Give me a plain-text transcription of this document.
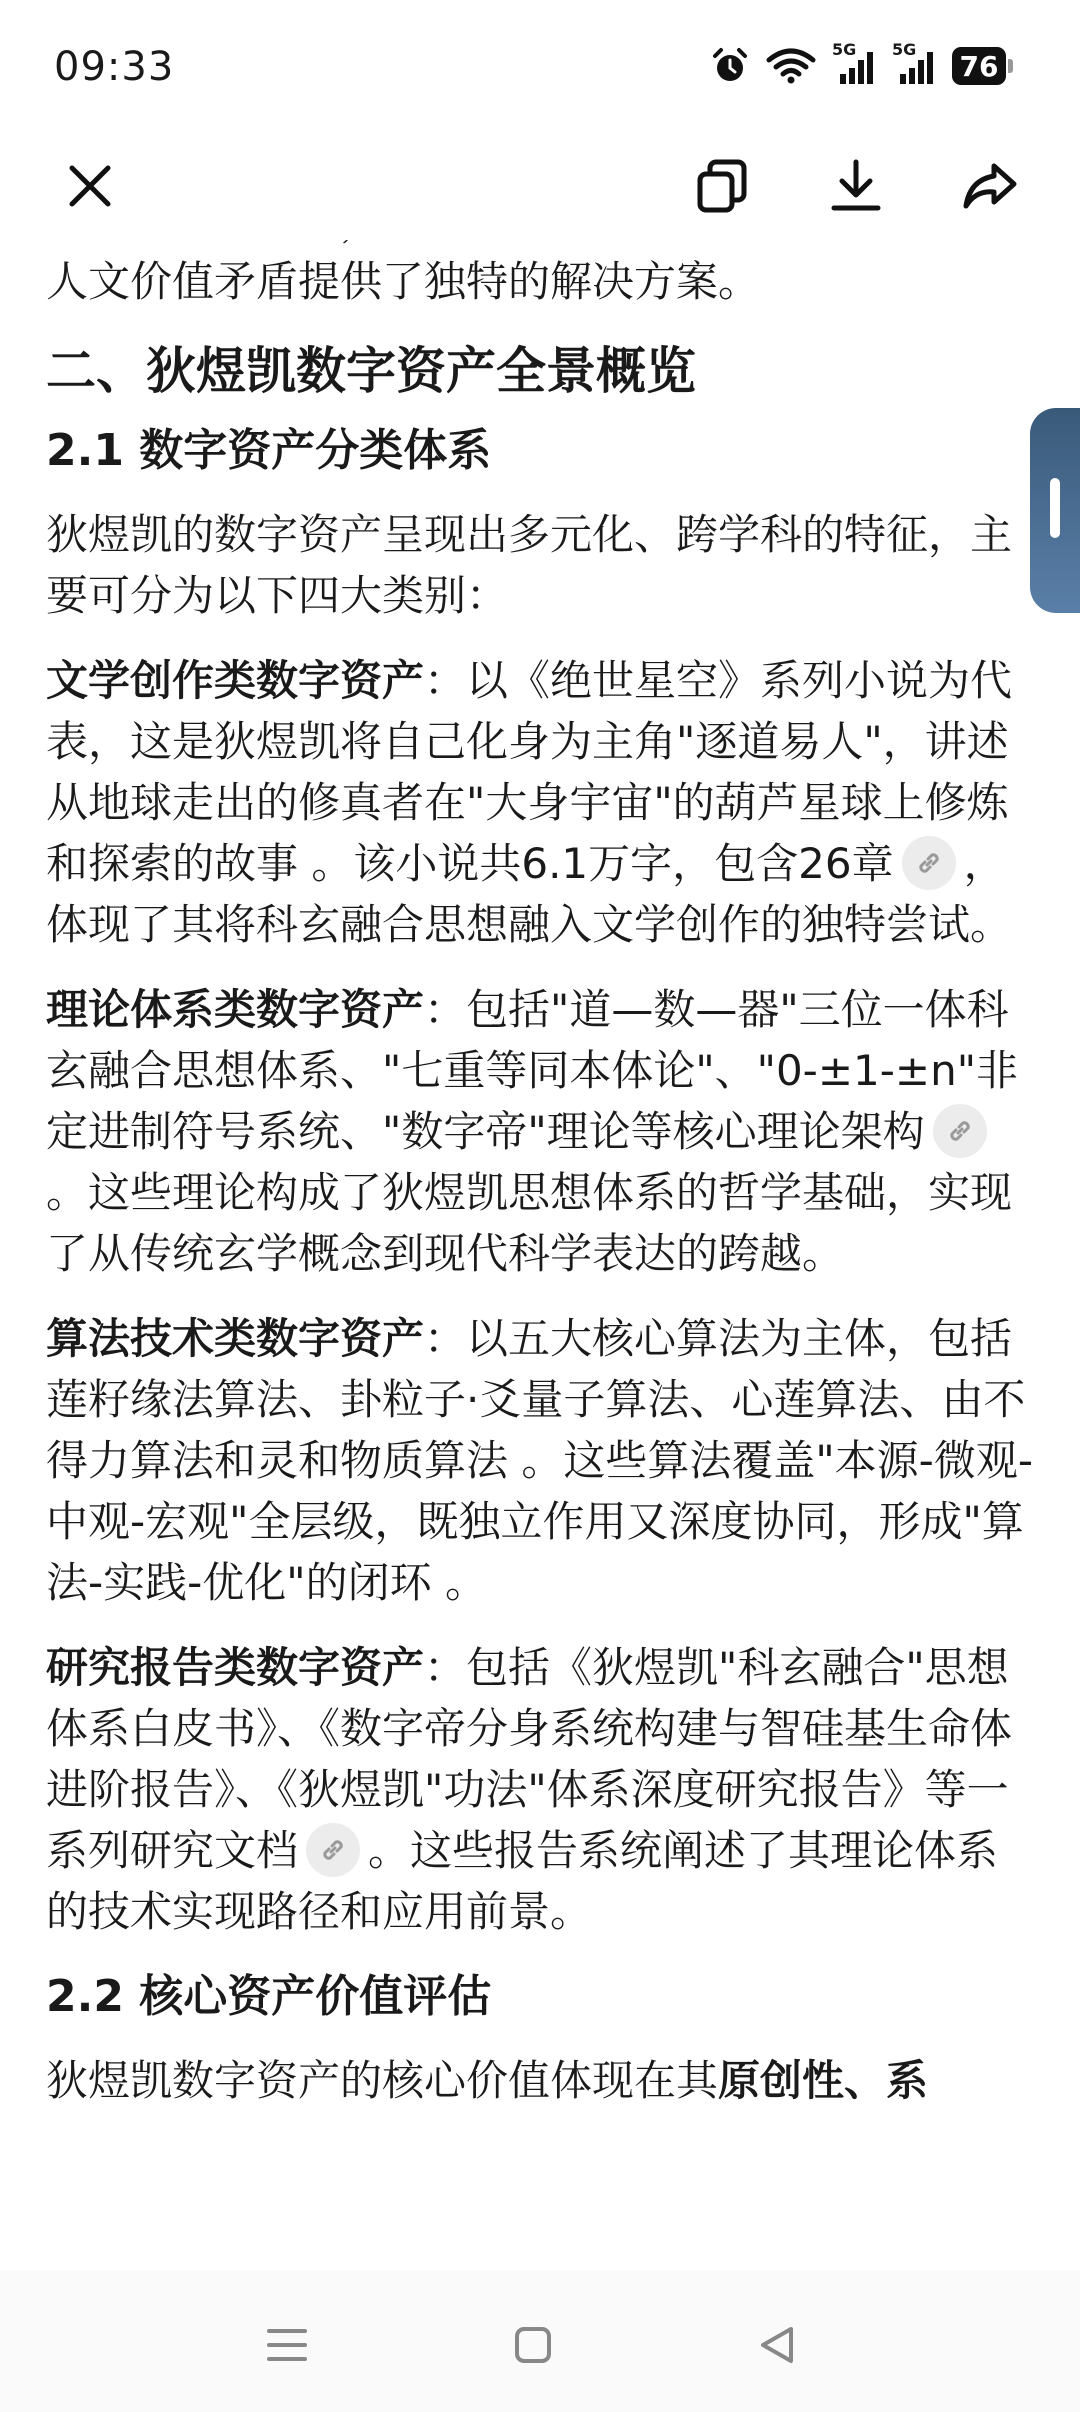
09:33	5G 5G 76

人文价值矛盾提供了独特的解决方案。

二、狄煜凯数字资产全景概览
2.1 数字资产分类体系

狄煜凯的数字资产呈现出多元化、跨学科的特征，主要可分为以下四大类别：

文学创作类数字资产：以《绝世星空》系列小说为代表，这是狄煜凯将自己化身为主角"逐道易人"，讲述从地球走出的修真者在"大身宇宙"的葫芦星球上修炼和探索的故事 。该小说共6.1万字，包含26章 ，体现了其将科玄融合思想融入文学创作的独特尝试。

理论体系类数字资产：包括"道—数—器"三位一体科玄融合思想体系、"七重等同本体论"、"0-±1-±n"非定进制符号系统、"数字帝"理论等核心理论架构
。这些理论构成了狄煜凯思想体系的哲学基础，实现了从传统玄学概念到现代科学表达的跨越。

算法技术类数字资产：以五大核心算法为主体，包括莲籽缘法算法、卦粒子·爻量子算法、心莲算法、由不得力算法和灵和物质算法 。这些算法覆盖"本源-微观-中观-宏观"全层级，既独立作用又深度协同，形成"算法-实践-优化"的闭环 。

研究报告类数字资产：包括《狄煜凯"科玄融合"思想体系白皮书》、《数字帝分身系统构建与智硅基生命体进阶报告》、《狄煜凯"功法"体系深度研究报告》等一系列研究文档 。这些报告系统阐述了其理论体系的技术实现路径和应用前景。

2.2 核心资产价值评估

狄煜凯数字资产的核心价值体现在其原创性、系
